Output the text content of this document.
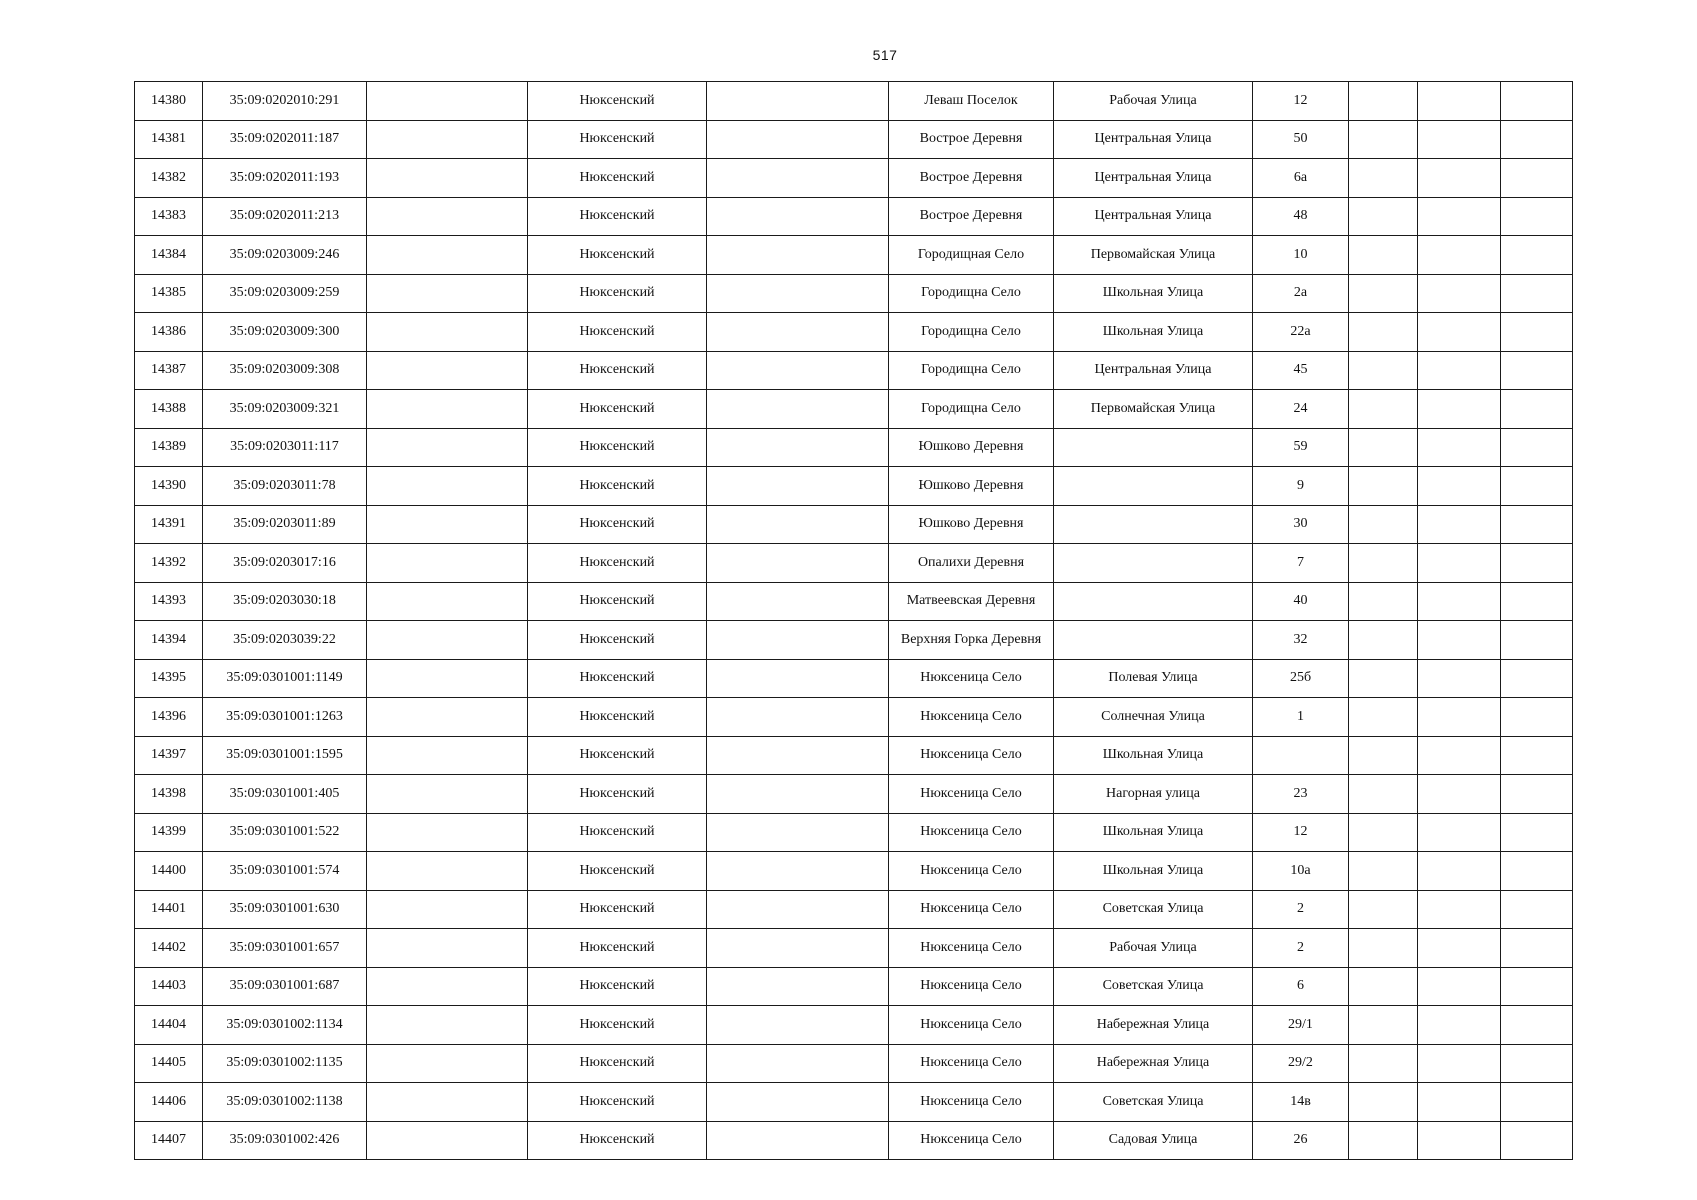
517
14380	35:09:0202010:291		Нюксенский		Леваш Поселок	Рабочая Улица	12			
14381	35:09:0202011:187		Нюксенский		Вострое Деревня	Центральная Улица	50			
14382	35:09:0202011:193		Нюксенский		Вострое Деревня	Центральная Улица	6а			
14383	35:09:0202011:213		Нюксенский		Вострое Деревня	Центральная Улица	48			
14384	35:09:0203009:246		Нюксенский		Городищная Село	Первомайская Улица	10			
14385	35:09:0203009:259		Нюксенский		Городищна Село	Школьная Улица	2а			
14386	35:09:0203009:300		Нюксенский		Городищна Село	Школьная Улица	22а			
14387	35:09:0203009:308		Нюксенский		Городищна Село	Центральная Улица	45			
14388	35:09:0203009:321		Нюксенский		Городищна Село	Первомайская Улица	24			
14389	35:09:0203011:117		Нюксенский		Юшково Деревня		59			
14390	35:09:0203011:78		Нюксенский		Юшково Деревня		9			
14391	35:09:0203011:89		Нюксенский		Юшково Деревня		30			
14392	35:09:0203017:16		Нюксенский		Опалихи Деревня		7			
14393	35:09:0203030:18		Нюксенский		Матвеевская Деревня		40			
14394	35:09:0203039:22		Нюксенский		Верхняя Горка Деревня		32			
14395	35:09:0301001:1149		Нюксенский		Нюксеница Село	Полевая Улица	25б			
14396	35:09:0301001:1263		Нюксенский		Нюксеница Село	Солнечная Улица	1			
14397	35:09:0301001:1595		Нюксенский		Нюксеница Село	Школьная Улица				
14398	35:09:0301001:405		Нюксенский		Нюксеница Село	Нагорная улица	23			
14399	35:09:0301001:522		Нюксенский		Нюксеница Село	Школьная Улица	12			
14400	35:09:0301001:574		Нюксенский		Нюксеница Село	Школьная Улица	10а			
14401	35:09:0301001:630		Нюксенский		Нюксеница Село	Советская Улица	2			
14402	35:09:0301001:657		Нюксенский		Нюксеница Село	Рабочая Улица	2			
14403	35:09:0301001:687		Нюксенский		Нюксеница Село	Советская Улица	6			
14404	35:09:0301002:1134		Нюксенский		Нюксеница Село	Набережная Улица	29/1			
14405	35:09:0301002:1135		Нюксенский		Нюксеница Село	Набережная Улица	29/2			
14406	35:09:0301002:1138		Нюксенский		Нюксеница Село	Советская Улица	14в			
14407	35:09:0301002:426		Нюксенский		Нюксеница Село	Садовая Улица	26			
